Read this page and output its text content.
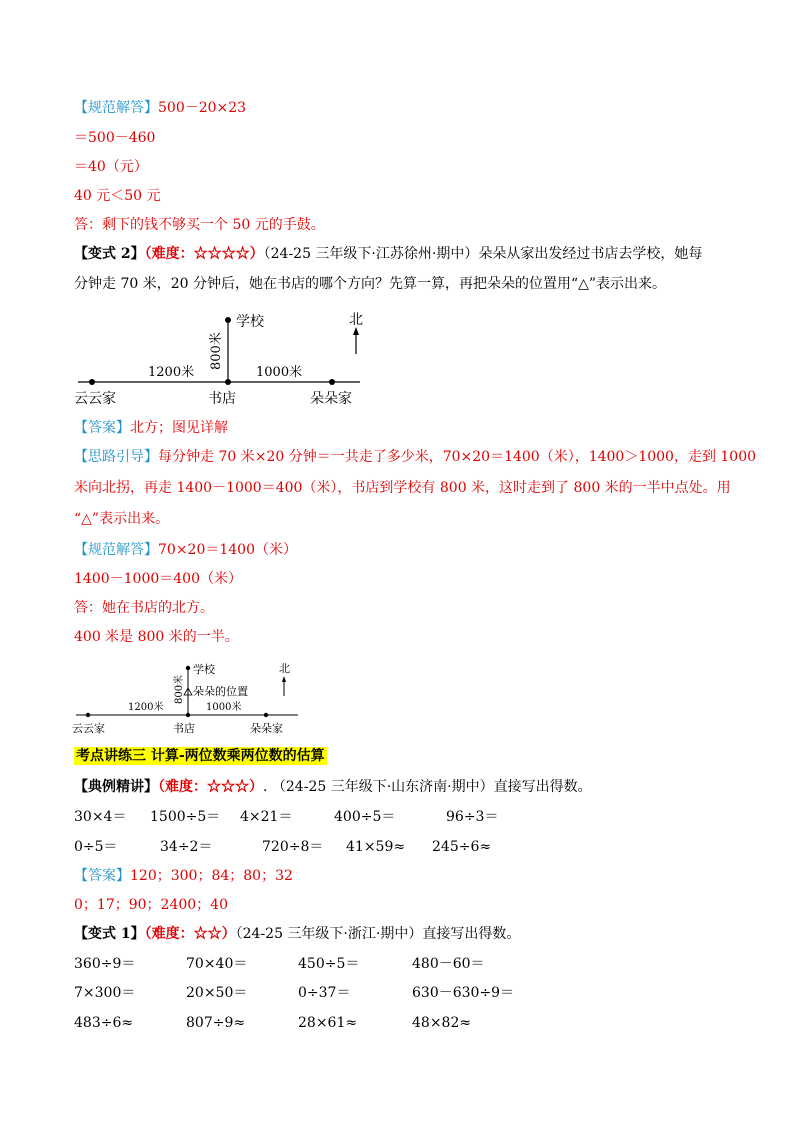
【规范解答】500－20×23
＝500－460
＝40（元）
40 元＜50 元
答：剩下的钱不够买一个 50 元的手鼓。
【变式 2】（难度：☆☆☆☆）（24-25 三年级下·江苏徐州·期中）朵朵从家出发经过书店去学校，她每
分钟走 70 米，20 分钟后，她在书店的哪个方向？先算一算，再把朵朵的位置用“△”表示出来。
学校	北
800米
1200米	1000米
云云家	书店	朵朵家
【答案】北方；图见详解
【思路引导】每分钟走 70 米×20 分钟＝一共走了多少米，70×20＝1400（米），1400＞1000，走到 1000
米向北拐，再走 1400－1000＝400（米），书店到学校有 800 米，这时走到了 800 米的一半中点处。用
“△”表示出来。
【规范解答】70×20＝1400（米）
1400－1000＝400（米）
答：她在书店的北方。
400 米是 800 米的一半。
学校	北
朵朵的位置
800米
1200米	1000米
云云家	书店	朵朵家
考点讲练三 计算-两位数乘两位数的估算
【典例精讲】（难度：☆☆☆）. （24-25 三年级下·山东济南·期中）直接写出得数。
30×4＝ 1500÷5＝ 4×21＝	400÷5＝	96÷3＝
0÷5＝	34÷2＝	720÷8＝ 41×59≈ 245÷6≈
【答案】120；300；84；80；32
0；17；90；2400；40
【变式 1】（难度：☆☆）（24-25 三年级下·浙江·期中）直接写出得数。
360÷9＝	70×40＝	450÷5＝	480－60＝
7×300＝	20×50＝	0÷37＝	630－630÷9＝
483÷6≈	807÷9≈	28×61≈	48×82≈
